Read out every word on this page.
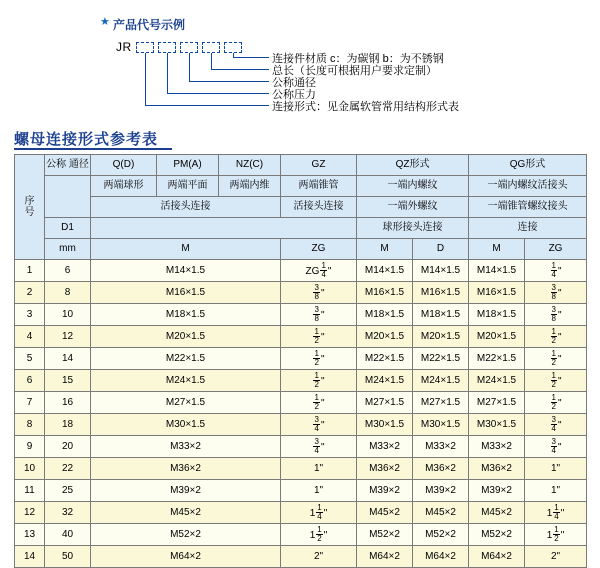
★ 产品代号示例
JR
连接件材质 c：为碳钢 b：为不锈钢
总长（长度可根据用户要求定制）
公称通径
公称压力
连接形式：见金属软管常用结构形式表
螺母连接形式参考表
序
号	公称 通径	Q(D)	PM(A)	NZ(C)	GZ	QZ形式		QG形式	
		两端球形	两端平面	两端内维	两端锥管	一端内螺纹		一端内螺纹活接头	
		活接头连接			活接头连接	一端外螺纹		一端锥管螺纹接头	
	D1					球形接头连接		连接	
	mm	M			ZG	M	D	M	ZG
1	6	M14×1.5			ZG $\frac{1}{4}$ "	M14×1.5	M14×1.5	M14×1.5	$\frac{1}{4}$ "
2	8	M16×1.5			$\frac{3}{8}$ "	M16×1.5	M16×1.5	M16×1.5	$\frac{3}{8}$ "
3	10	M18×1.5			$\frac{3}{8}$ "	M18×1.5	M18×1.5	M18×1.5	$\frac{3}{8}$ "
4	12	M20×1.5			$\frac{1}{2}$ "	M20×1.5	M20×1.5	M20×1.5	$\frac{1}{2}$ "
5	14	M22×1.5			$\frac{1}{2}$ "	M22×1.5	M22×1.5	M22×1.5	$\frac{1}{2}$ "
6	15	M24×1.5			$\frac{1}{2}$ "	M24×1.5	M24×1.5	M24×1.5	$\frac{1}{2}$ "
7	16	M27×1.5			$\frac{1}{2}$ "	M27×1.5	M27×1.5	M27×1.5	$\frac{1}{2}$ "
8	18	M30×1.5			$\frac{3}{4}$ "	M30×1.5	M30×1.5	M30×1.5	$\frac{3}{4}$ "
9	20	M33×2			$\frac{3}{4}$ "	M33×2	M33×2	M33×2	$\frac{3}{4}$ "
10	22	M36×2			1"	M36×2	M36×2	M36×2	1"
11	25	M39×2			1"	M39×2	M39×2	M39×2	1"
12	32	M45×2			$1 \frac{1}{4}$ "	M45×2	M45×2	M45×2	$1 \frac{1}{4}$ "
13	40	M52×2			$1 \frac{1}{2}$ "	M52×2	M52×2	M52×2	$1 \frac{1}{2}$ "
14	50	M64×2			2"	M64×2	M64×2	M64×2	2"
